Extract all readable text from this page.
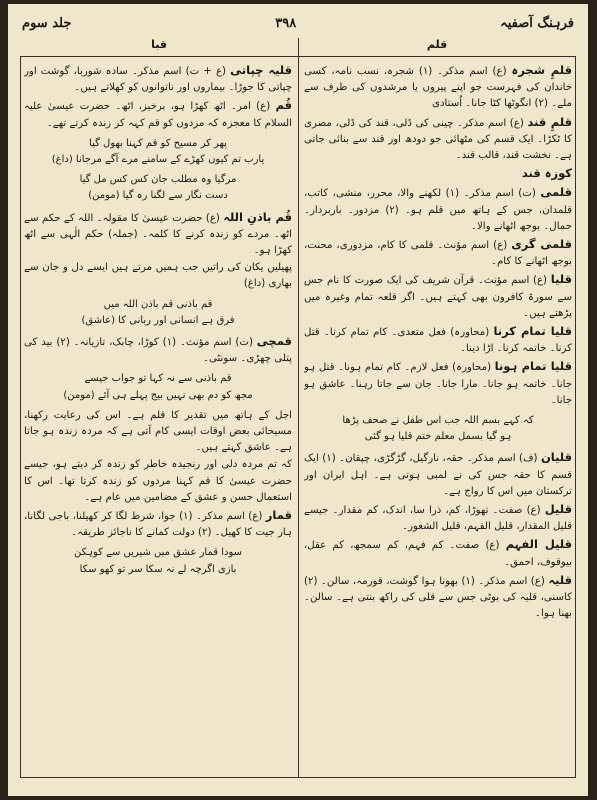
فرہنگ آصفیہ
۳۹۸
جلد سوم
قلم
قبا

قلمِ شجرہ (ع) اسم مذکر۔ (۱) شجرہ، نسب نامہ، کسی خاندان کی فہرست جو اپنے پیروں یا مرشدوں کی طرف سے ملے۔ (۲) انگوٹھا کٹا جانا۔ اُستادی

قلمِ قند (ع) اسم مذکر۔ چینی کی ڈلی، قند کی ڈلی، مصری کا ٹکڑا۔ ایک قسم کی مٹھائی جو دودھ اور قند سے بنائی جاتی ہے۔ نخشت قند، قالب قند۔

کوزہ قند

قلمی (ت) اسم مذکر۔ (۱) لکھنے والا، محرر، منشی، کاتب، قلمدان، جس کے ہاتھ میں قلم ہو۔ (۲) مزدور۔ باربردار۔ حمال۔ بوجھ اٹھانے والا۔

قلمی گری (ع) اسم مؤنث۔ قلمی کا کام، مزدوری، محنت، بوجھ اٹھانے کا کام۔

قلیا (ع) اسم مؤنث۔ قرآن شریف کی ایک صورت کا نام جس سے سورۃ کافرون بھی کہتے ہیں۔ اگر قلعہ تمام وغیرہ میں پڑھتے ہیں۔

قلیا تمام کرنا (محاورہ) فعل متعدی۔ کام تمام کرنا۔ قتل کرنا۔ خاتمہ کرنا۔ اڑا دینا۔

قلیا تمام ہونا (محاورہ) فعل لازم۔ کام تمام ہونا۔ قتل ہو جانا۔ خاتمہ ہو جانا۔ مارا جانا۔ جان سے جاتا رہنا۔ عاشق ہو جانا۔

کہ کہے بسم اللہ جب اس طفل نے صحف پڑھا
ہو گیا بسمل معلم ختم قلیا ہو گئی

قلیان (ف) اسم مذکر۔ حقہ، نارگیل، گڑگڑی، چپقان۔ (۱) ایک قسم کا حقہ جس کی نے لمبی ہوتی ہے۔ اہل ایران اور ترکستان میں اس کا رواج ہے۔

قلیل (ع) صفت۔ تھوڑا، کم، ذرا سا، اندک، کم مقدار۔ جیسے قلیل المقدار، قلیل الفہم، قلیل الشعور۔

قلیل الفہم (ع) صفت۔ کم فہم، کم سمجھ، کم عقل، بیوقوف، احمق۔

قلیہ (ع) اسم مذکر۔ (۱) بھونا ہوا گوشت، قورمہ، سالن۔ (۲) کاسنی، قلیہ کی بوٹی جس سے قلی کی راکھ بنتی ہے۔ سالن۔ بھنا ہوا۔

قلیہ چپاتی (ع + ت) اسم مذکر۔ سادہ شوربا، گوشت اور چپاتی کا جوڑا۔ بیماروں اور ناتوانوں کو کھلاتے ہیں۔

قُم (ع) امر۔ اٹھ کھڑا ہو، برخیز، اٹھ۔ حضرت عیسیٰ علیہ السلام کا معجزہ کہ مردوں کو قم کہہ کر زندہ کرتے تھے۔

پھر کر مسیح کو قم کہنا بھول گیا
یارب تم کیوں کھڑے کے سامنے مرے آگے مرجانا (داغ)
مرگیا وہ مطلب جان کس کس مل گیا
دست نگار سے لگنا رہ گیا (مومن)

قُم باذنِ اللہ (ع) حضرت عیسیٰ کا مقولہ۔ اللہ کے حکم سے اٹھ۔ مردے کو زندہ کرنے کا کلمہ۔ (جملہ) حکم الٰہی سے اٹھ کھڑا ہو۔

پھیلیں یکان کی راتیں جب ہمیں مرتے ہیں ایسے دل و جان سے بھاری (داغ)

قم باذنی قم باذن اللہ میں
فرق ہے انسانی اور ربانی کا (عاشق)

قمچی (ت) اسم مؤنث۔ (۱) کوڑا، چابک، تازیانہ۔ (۲) بید کی پتلی چھڑی۔ سونٹی۔

قم باذنی سے نہ کہا تو جواب جیسے
مجھ کو دم بھی نہیں بیج پہلے ہی آئے (مومن)

اجل کے ہاتھ میں تقدیر کا قلم ہے۔ اس کی رعایت رکھنا، مسیحائی بعض اوقات ایسی کام آتی ہے کہ مردہ زندہ ہو جاتا ہے۔ عاشق کہتے ہیں۔

کہ تم مردہ دلی اور رنجیدہ خاطر کو زندہ کر دیتے ہو، جیسے حضرت عیسیٰ کا قم کہنا مردوں کو زندہ کرتا تھا۔ اس کا استعمال حسن و عشق کے مضامین میں عام ہے۔

قمار (ع) اسم مذکر۔ (۱) جوا، شرط لگا کر کھیلنا، باجی لگانا، ہار جیت کا کھیل۔ (۲) دولت کمانے کا ناجائز طریقہ۔

سودا قمار عشق میں شیریں سے کوہکن
بازی اگرچہ لے نہ سکا سر تو کھو سکا
